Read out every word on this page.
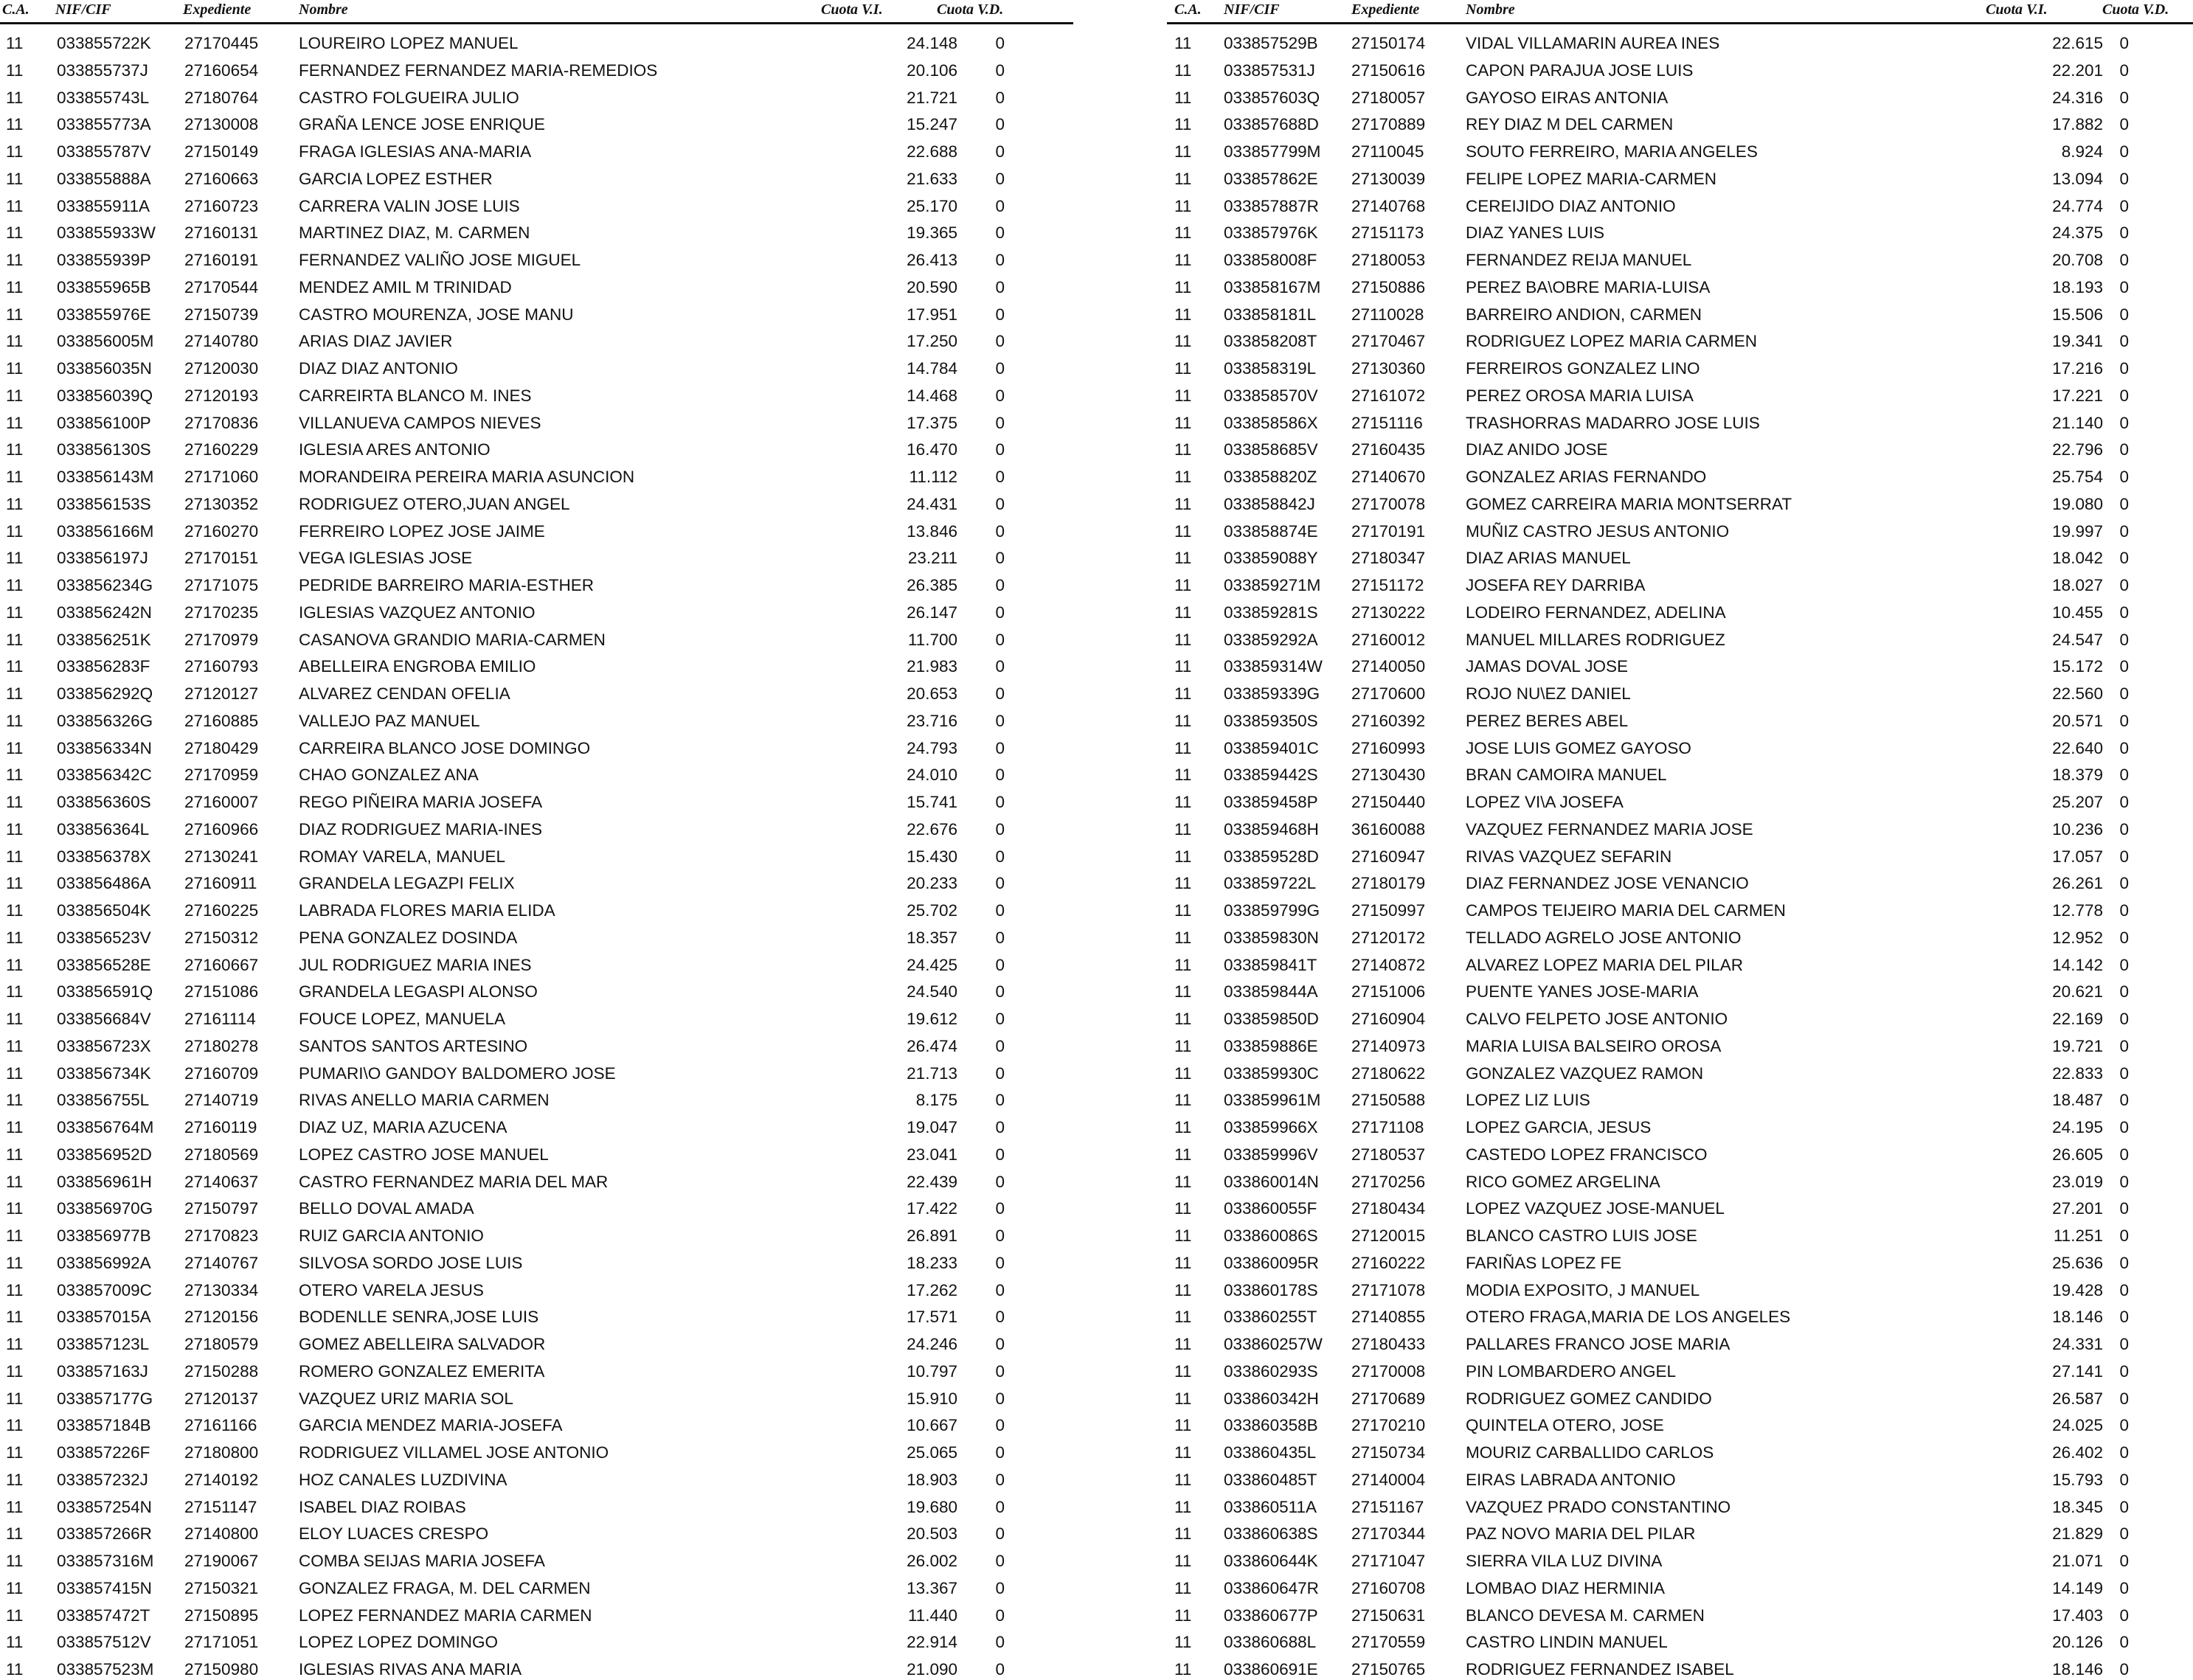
C.A. NIF/CIF	Expediente	Nombre	Cuota V.I.	Cuota V.D.
11 033855722K 27170445 LOUREIRO LOPEZ MANUEL	24.148 0
11 033855737J 27160654 FERNANDEZ FERNANDEZ MARIA-REMEDIOS	20.106 0
11 033855743L 27180764 CASTRO FOLGUEIRA JULIO	21.721 0
11 033855773A 27130008 GRAÑA LENCE JOSE ENRIQUE	15.247 0
11 033855787V 27150149 FRAGA IGLESIAS ANA-MARIA	22.688 0
11 033855888A 27160663 GARCIA LOPEZ ESTHER	21.633 0
11 033855911A 27160723 CARRERA VALIN JOSE LUIS	25.170 0
11 033855933W 27160131 MARTINEZ DIAZ, M. CARMEN	19.365 0
11 033855939P 27160191 FERNANDEZ VALIÑO JOSE MIGUEL	26.413 0
11 033855965B 27170544 MENDEZ AMIL M TRINIDAD	20.590 0
11 033855976E 27150739 CASTRO MOURENZA, JOSE MANU	17.951 0
11 033856005M 27140780 ARIAS DIAZ JAVIER	17.250 0
11 033856035N 27120030 DIAZ DIAZ ANTONIO	14.784 0
11 033856039Q 27120193 CARREIRTA BLANCO M. INES	14.468 0
11 033856100P 27170836 VILLANUEVA CAMPOS NIEVES	17.375 0
11 033856130S 27160229 IGLESIA ARES ANTONIO	16.470 0
11 033856143M 27171060 MORANDEIRA PEREIRA MARIA ASUNCION	11.112 0
11 033856153S 27130352 RODRIGUEZ OTERO,JUAN ANGEL	24.431 0
11 033856166M 27160270 FERREIRO LOPEZ JOSE JAIME	13.846 0
11 033856197J 27170151 VEGA IGLESIAS JOSE	23.211 0
11 033856234G 27171075 PEDRIDE BARREIRO MARIA-ESTHER	26.385 0
11 033856242N 27170235 IGLESIAS VAZQUEZ ANTONIO	26.147 0
11 033856251K 27170979 CASANOVA GRANDIO MARIA-CARMEN	11.700 0
11 033856283F 27160793 ABELLEIRA ENGROBA EMILIO	21.983 0
11 033856292Q 27120127 ALVAREZ CENDAN OFELIA	20.653 0
11 033856326G 27160885 VALLEJO PAZ MANUEL	23.716 0
11 033856334N 27180429 CARREIRA BLANCO JOSE DOMINGO	24.793 0
11 033856342C 27170959 CHAO GONZALEZ ANA	24.010 0
11 033856360S 27160007 REGO PIÑEIRA MARIA JOSEFA	15.741 0
11 033856364L 27160966 DIAZ RODRIGUEZ MARIA-INES	22.676 0
11 033856378X 27130241 ROMAY VARELA, MANUEL	15.430 0
11 033856486A 27160911	GRANDELA LEGAZPI FELIX	20.233 0
11 033856504K 27160225 LABRADA FLORES MARIA ELIDA	25.702 0
11 033856523V 27150312 PENA GONZALEZ DOSINDA	18.357 0
11 033856528E 27160667 JUL RODRIGUEZ MARIA INES	24.425 0
11 033856591Q 27151086 GRANDELA LEGASPI ALONSO	24.540 0
11 033856684V 27161114	FOUCE LOPEZ, MANUELA	19.612 0
11 033856723X 27180278 SANTOS SANTOS ARTESINO	26.474 0
11 033856734K 27160709 PUMARI\O GANDOY BALDOMERO JOSE	21.713 0
11 033856755L 27140719 RIVAS ANELLO MARIA CARMEN	8.175 0
11 033856764M 27160119	DIAZ UZ, MARIA AZUCENA	19.047 0
11 033856952D 27180569 LOPEZ CASTRO JOSE MANUEL	23.041 0
11 033856961H 27140637 CASTRO FERNANDEZ MARIA DEL MAR	22.439 0
11 033856970G 27150797 BELLO DOVAL AMADA	17.422 0
11 033856977B 27170823 RUIZ GARCIA ANTONIO	26.891 0
11 033856992A 27140767 SILVOSA SORDO JOSE LUIS	18.233 0
11 033857009C 27130334 OTERO VARELA JESUS	17.262 0
11 033857015A 27120156 BODENLLE SENRA,JOSE LUIS	17.571 0
11 033857123L 27180579 GOMEZ ABELLEIRA SALVADOR	24.246 0
11 033857163J 27150288 ROMERO GONZALEZ EMERITA	10.797 0
11 033857177G 27120137 VAZQUEZ URIZ MARIA SOL	15.910 0
11 033857184B 27161166	GARCIA MENDEZ MARIA-JOSEFA	10.667 0
11 033857226F 27180800 RODRIGUEZ VILLAMEL JOSE ANTONIO	25.065 0
11 033857232J 27140192 HOZ CANALES LUZDIVINA	18.903 0
11 033857254N 27151147	ISABEL DIAZ ROIBAS	19.680 0
11 033857266R 27140800 ELOY LUACES CRESPO	20.503 0
11 033857316M 27190067 COMBA SEIJAS MARIA JOSEFA	26.002 0
11 033857415N 27150321 GONZALEZ FRAGA, M. DEL CARMEN	13.367 0
11 033857472T 27150895 LOPEZ FERNANDEZ MARIA CARMEN	11.440 0
11 033857512V 27171051 LOPEZ LOPEZ DOMINGO	22.914 0
11 033857523M 27150980 IGLESIAS RIVAS ANA MARIA	21.090 0
C.A. NIF/CIF	Expediente	Nombre	Cuota V.I.	Cuota V.D.
11 033857529B 27150174 VIDAL VILLAMARIN AUREA INES	22.615 0
11 033857531J 27150616 CAPON PARAJUA JOSE LUIS	22.201 0
11 033857603Q 27180057 GAYOSO EIRAS ANTONIA	24.316 0
11 033857688D 27170889 REY DIAZ M DEL CARMEN	17.882 0
11 033857799M 27110045	SOUTO FERREIRO, MARIA ANGELES	8.924 0
11 033857862E 27130039 FELIPE LOPEZ MARIA-CARMEN	13.094 0
11 033857887R 27140768 CEREIJIDO DIAZ ANTONIO	24.774 0
11 033857976K 27151173	DIAZ YANES LUIS	24.375 0
11 033858008F 27180053 FERNANDEZ REIJA MANUEL	20.708 0
11 033858167M 27150886 PEREZ BA\OBRE MARIA-LUISA	18.193 0
11 033858181L 27110028	BARREIRO ANDION, CARMEN	15.506 0
11 033858208T 27170467 RODRIGUEZ LOPEZ MARIA CARMEN	19.341 0
11 033858319L 27130360 FERREIROS GONZALEZ LINO	17.216 0
11 033858570V 27161072 PEREZ OROSA MARIA LUISA	17.221 0
11 033858586X 27151116	TRASHORRAS MADARRO JOSE LUIS	21.140 0
11 033858685V 27160435 DIAZ ANIDO JOSE	22.796 0
11 033858820Z 27140670 GONZALEZ ARIAS FERNANDO	25.754 0
11 033858842J 27170078 GOMEZ CARREIRA MARIA MONTSERRAT	19.080 0
11 033858874E 27170191 MUÑIZ CASTRO JESUS ANTONIO	19.997 0
11 033859088Y 27180347 DIAZ ARIAS MANUEL	18.042 0
11 033859271M 27151172	JOSEFA REY DARRIBA	18.027 0
11 033859281S 27130222 LODEIRO FERNANDEZ, ADELINA	10.455 0
11 033859292A 27160012 MANUEL MILLARES RODRIGUEZ	24.547 0
11 033859314W 27140050 JAMAS DOVAL JOSE	15.172 0
11 033859339G 27170600 ROJO NU\EZ DANIEL	22.560 0
11 033859350S 27160392 PEREZ BERES ABEL	20.571 0
11 033859401C 27160993 JOSE LUIS GOMEZ GAYOSO	22.640 0
11 033859442S 27130430 BRAN CAMOIRA MANUEL	18.379 0
11 033859458P 27150440 LOPEZ VI\A JOSEFA	25.207 0
11 033859468H 36160088 VAZQUEZ FERNANDEZ MARIA JOSE	10.236 0
11 033859528D 27160947 RIVAS VAZQUEZ SEFARIN	17.057 0
11 033859722L 27180179 DIAZ FERNANDEZ JOSE VENANCIO	26.261 0
11 033859799G 27150997 CAMPOS TEIJEIRO MARIA DEL CARMEN	12.778 0
11 033859830N 27120172 TELLADO AGRELO JOSE ANTONIO	12.952 0
11 033859841T 27140872 ALVAREZ LOPEZ MARIA DEL PILAR	14.142 0
11 033859844A 27151006 PUENTE YANES JOSE-MARIA	20.621 0
11 033859850D 27160904 CALVO FELPETO JOSE ANTONIO	22.169 0
11 033859886E 27140973 MARIA LUISA BALSEIRO OROSA	19.721 0
11 033859930C 27180622 GONZALEZ VAZQUEZ RAMON	22.833 0
11 033859961M 27150588 LOPEZ LIZ LUIS	18.487 0
11 033859966X 27171108	LOPEZ GARCIA, JESUS	24.195 0
11 033859996V 27180537 CASTEDO LOPEZ FRANCISCO	26.605 0
11 033860014N 27170256 RICO GOMEZ ARGELINA	23.019 0
11 033860055F 27180434 LOPEZ VAZQUEZ JOSE-MANUEL	27.201 0
11 033860086S 27120015 BLANCO CASTRO LUIS JOSE	11.251 0
11 033860095R 27160222 FARIÑAS LOPEZ FE	25.636 0
11 033860178S 27171078 MODIA EXPOSITO, J MANUEL	19.428 0
11 033860255T 27140855 OTERO FRAGA,MARIA DE LOS ANGELES	18.146 0
11 033860257W 27180433 PALLARES FRANCO JOSE MARIA	24.331 0
11 033860293S 27170008 PIN LOMBARDERO ANGEL	27.141 0
11 033860342H 27170689 RODRIGUEZ GOMEZ CANDIDO	26.587 0
11 033860358B 27170210 QUINTELA OTERO, JOSE	24.025 0
11 033860435L 27150734 MOURIZ CARBALLIDO CARLOS	26.402 0
11 033860485T 27140004 EIRAS LABRADA ANTONIO	15.793 0
11 033860511A 27151167	VAZQUEZ PRADO CONSTANTINO	18.345 0
11 033860638S 27170344 PAZ NOVO MARIA DEL PILAR	21.829 0
11 033860644K 27171047 SIERRA VILA LUZ DIVINA	21.071 0
11 033860647R 27160708 LOMBAO DIAZ HERMINIA	14.149 0
11 033860677P 27150631 BLANCO DEVESA M. CARMEN	17.403 0
11 033860688L 27170559 CASTRO LINDIN MANUEL	20.126 0
11 033860691E 27150765 RODRIGUEZ FERNANDEZ ISABEL	18.146 0
